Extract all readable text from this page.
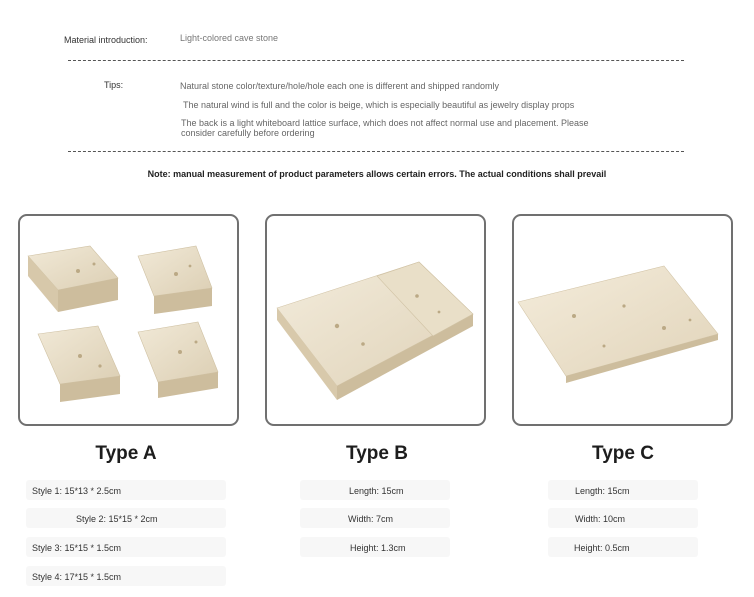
Material introduction:	Light-colored cave stone
Tips:	Natural stone color/texture/hole/hole each one is different and shipped randomly
The natural wind is full and the color is beige, which is especially beautiful as jewelry display props
The back is a light whiteboard lattice surface, which does not affect normal use and placement. Please
consider carefully before ordering
Note: manual measurement of product parameters allows certain errors. The actual conditions shall prevail
Type A	Type B	Type C
Style 1: 15*13 * 2.5cm
Style 2: 15*15 * 2cm
Style 3: 15*15 * 1.5cm
Style 4: 17*15 * 1.5cm
Length: 15cm
Width: 7cm
Height: 1.3cm
Length: 15cm
Width: 10cm
Height: 0.5cm
